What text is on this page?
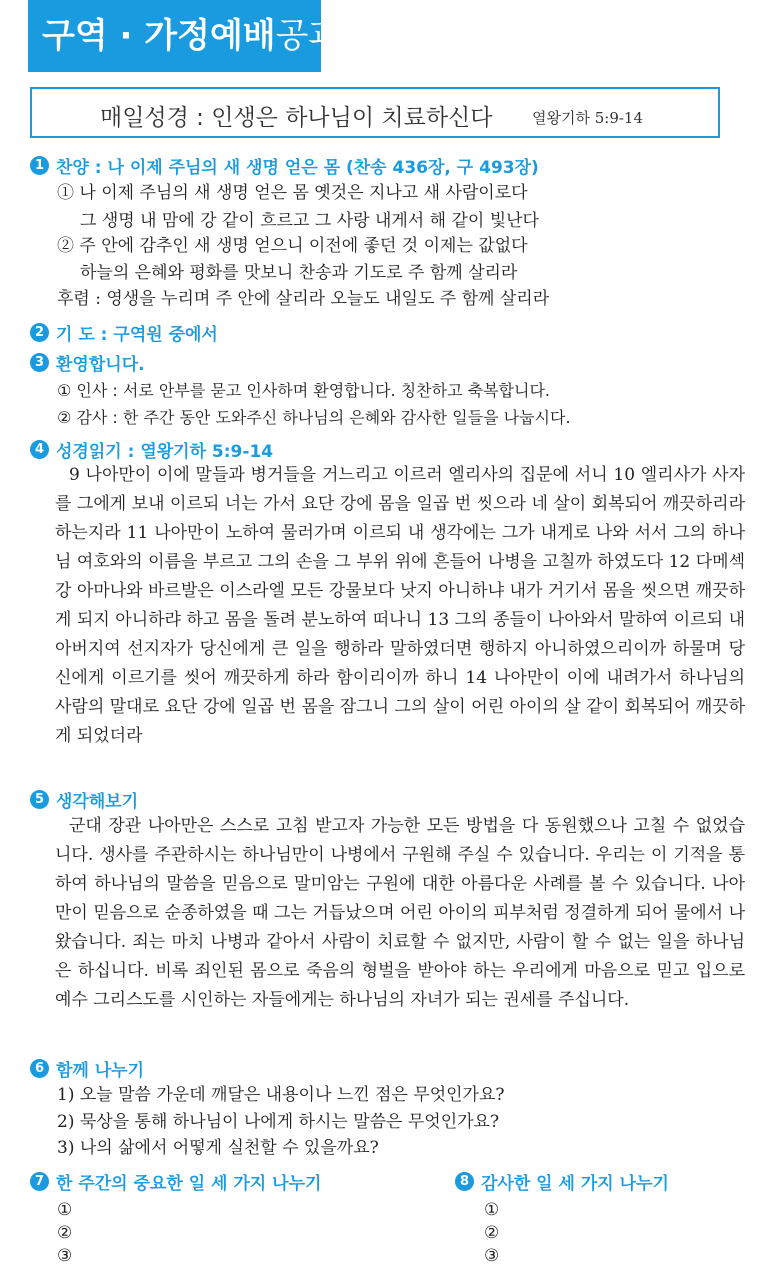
구역 · 가정예배공과
매일성경 : 인생은 하나님이 치료하신다	열왕기하 5:9-14
1 찬양 : 나 이제 주님의 새 생명 얻은 몸 (찬송 436장, 구 493장)
① 나 이제 주님의 새 생명 얻은 몸 옛것은 지나고 새 사람이로다
그 생명 내 맘에 강 같이 흐르고 그 사랑 내게서 해 같이 빛난다
② 주 안에 감추인 새 생명 얻으니 이전에 좋던 것 이제는 값없다
하늘의 은혜와 평화를 맛보니 찬송과 기도로 주 함께 살리라
후렴 : 영생을 누리며 주 안에 살리라 오늘도 내일도 주 함께 살리라
2 기 도 : 구역원 중에서
3 환영합니다.
① 인사 : 서로 안부를 묻고 인사하며 환영합니다. 칭찬하고 축복합니다.
② 감사 : 한 주간 동안 도와주신 하나님의 은혜와 감사한 일들을 나눕시다.
4 성경읽기 : 열왕기하 5:9-14
9 나아만이 이에 말들과 병거들을 거느리고 이르러 엘리사의 집문에 서니 10 엘리사가 사자를 그에게 보내 이르되 너는 가서 요단 강에 몸을 일곱 번 씻으라 네 살이 회복되어 깨끗하리라 하는지라 11 나아만이 노하여 물러가며 이르되 내 생각에는 그가 내게로 나와 서서 그의 하나님 여호와의 이름을 부르고 그의 손을 그 부위 위에 흔들어 나병을 고칠까 하였도다 12 다메섹 강 아마나와 바르발은 이스라엘 모든 강물보다 낫지 아니하냐 내가 거기서 몸을 씻으면 깨끗하게 되지 아니하랴 하고 몸을 돌려 분노하여 떠나니 13 그의 종들이 나아와서 말하여 이르되 내 아버지여 선지자가 당신에게 큰 일을 행하라 말하였더면 행하지 아니하였으리이까 하물며 당신에게 이르기를 씻어 깨끗하게 하라 함이리이까 하니 14 나아만이 이에 내려가서 하나님의 사람의 말대로 요단 강에 일곱 번 몸을 잠그니 그의 살이 어린 아이의 살 같이 회복되어 깨끗하게 되었더라
5 생각해보기
군대 장관 나아만은 스스로 고침 받고자 가능한 모든 방법을 다 동원했으나 고칠 수 없었습니다. 생사를 주관하시는 하나님만이 나병에서 구원해 주실 수 있습니다. 우리는 이 기적을 통하여 하나님의 말씀을 믿음으로 말미암는 구원에 대한 아름다운 사례를 볼 수 있습니다. 나아만이 믿음으로 순종하였을 때 그는 거듭났으며 어린 아이의 피부처럼 정결하게 되어 물에서 나왔습니다. 죄는 마치 나병과 같아서 사람이 치료할 수 없지만, 사람이 할 수 없는 일을 하나님은 하십니다. 비록 죄인된 몸으로 죽음의 형벌을 받아야 하는 우리에게 마음으로 믿고 입으로 예수 그리스도를 시인하는 자들에게는 하나님의 자녀가 되는 권세를 주십니다.
6 함께 나누기
1) 오늘 말씀 가운데 깨달은 내용이나 느낀 점은 무엇인가요?
2) 묵상을 통해 하나님이 나에게 하시는 말씀은 무엇인가요?
3) 나의 삶에서 어떻게 실천할 수 있을까요?
7 한 주간의 중요한 일 세 가지 나누기
①
②
③
8 감사한 일 세 가지 나누기
①
②
③
